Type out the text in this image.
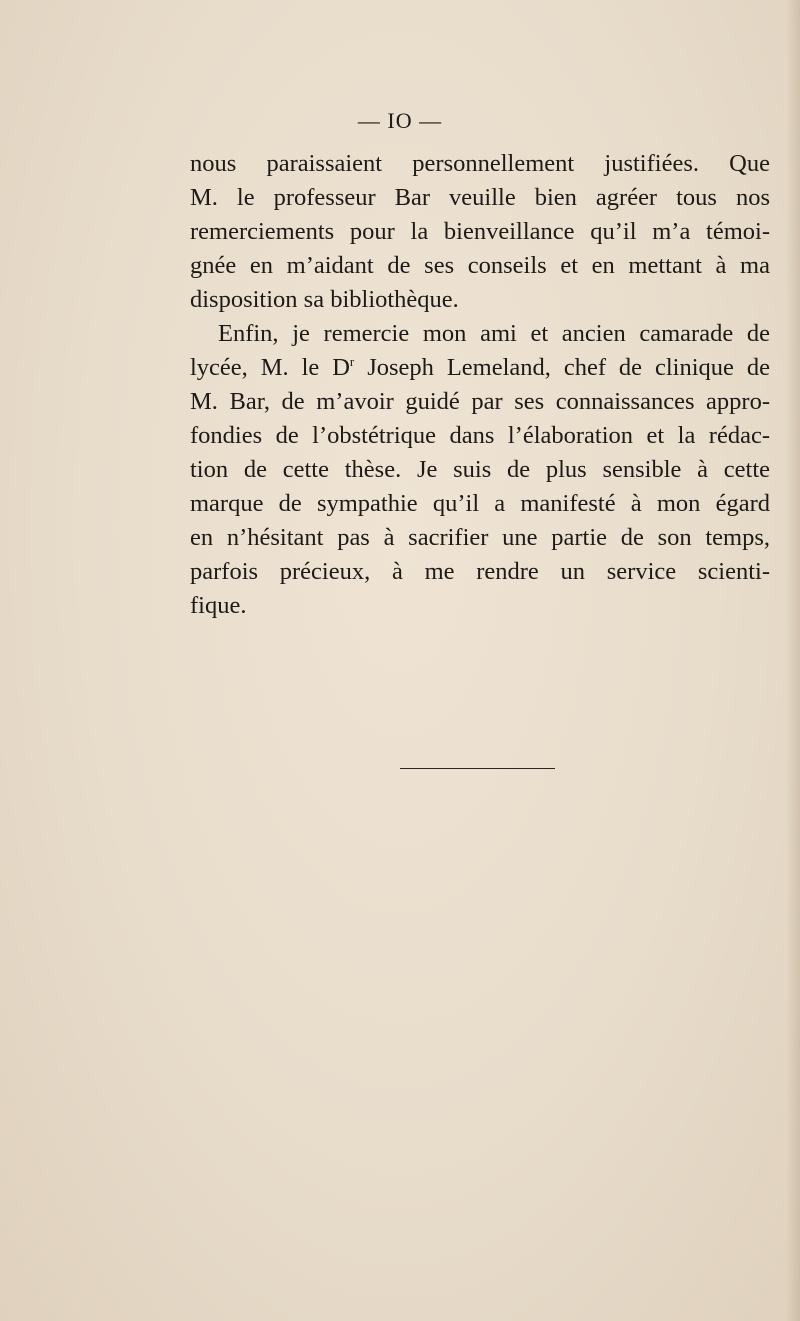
— IO —

nous paraissaient personnellement justifiées. Que
M. le professeur Bar veuille bien agréer tous nos
remerciements pour la bienveillance qu’il m’a témoi-
gnée en m’aidant de ses conseils et en mettant à ma
disposition sa bibliothèque.

Enfin, je remercie mon ami et ancien camarade de
lycée, M. le $D^r$ Joseph Lemeland, chef de clinique de
M. Bar, de m’avoir guidé par ses connaissances appro-
fondies de l’obstétrique dans l’élaboration et la rédac-
tion de cette thèse. Je suis de plus sensible à cette
marque de sympathie qu’il a manifesté à mon égard
en n’hésitant pas à sacrifier une partie de son temps,
parfois précieux, à me rendre un service scienti-
fique.
